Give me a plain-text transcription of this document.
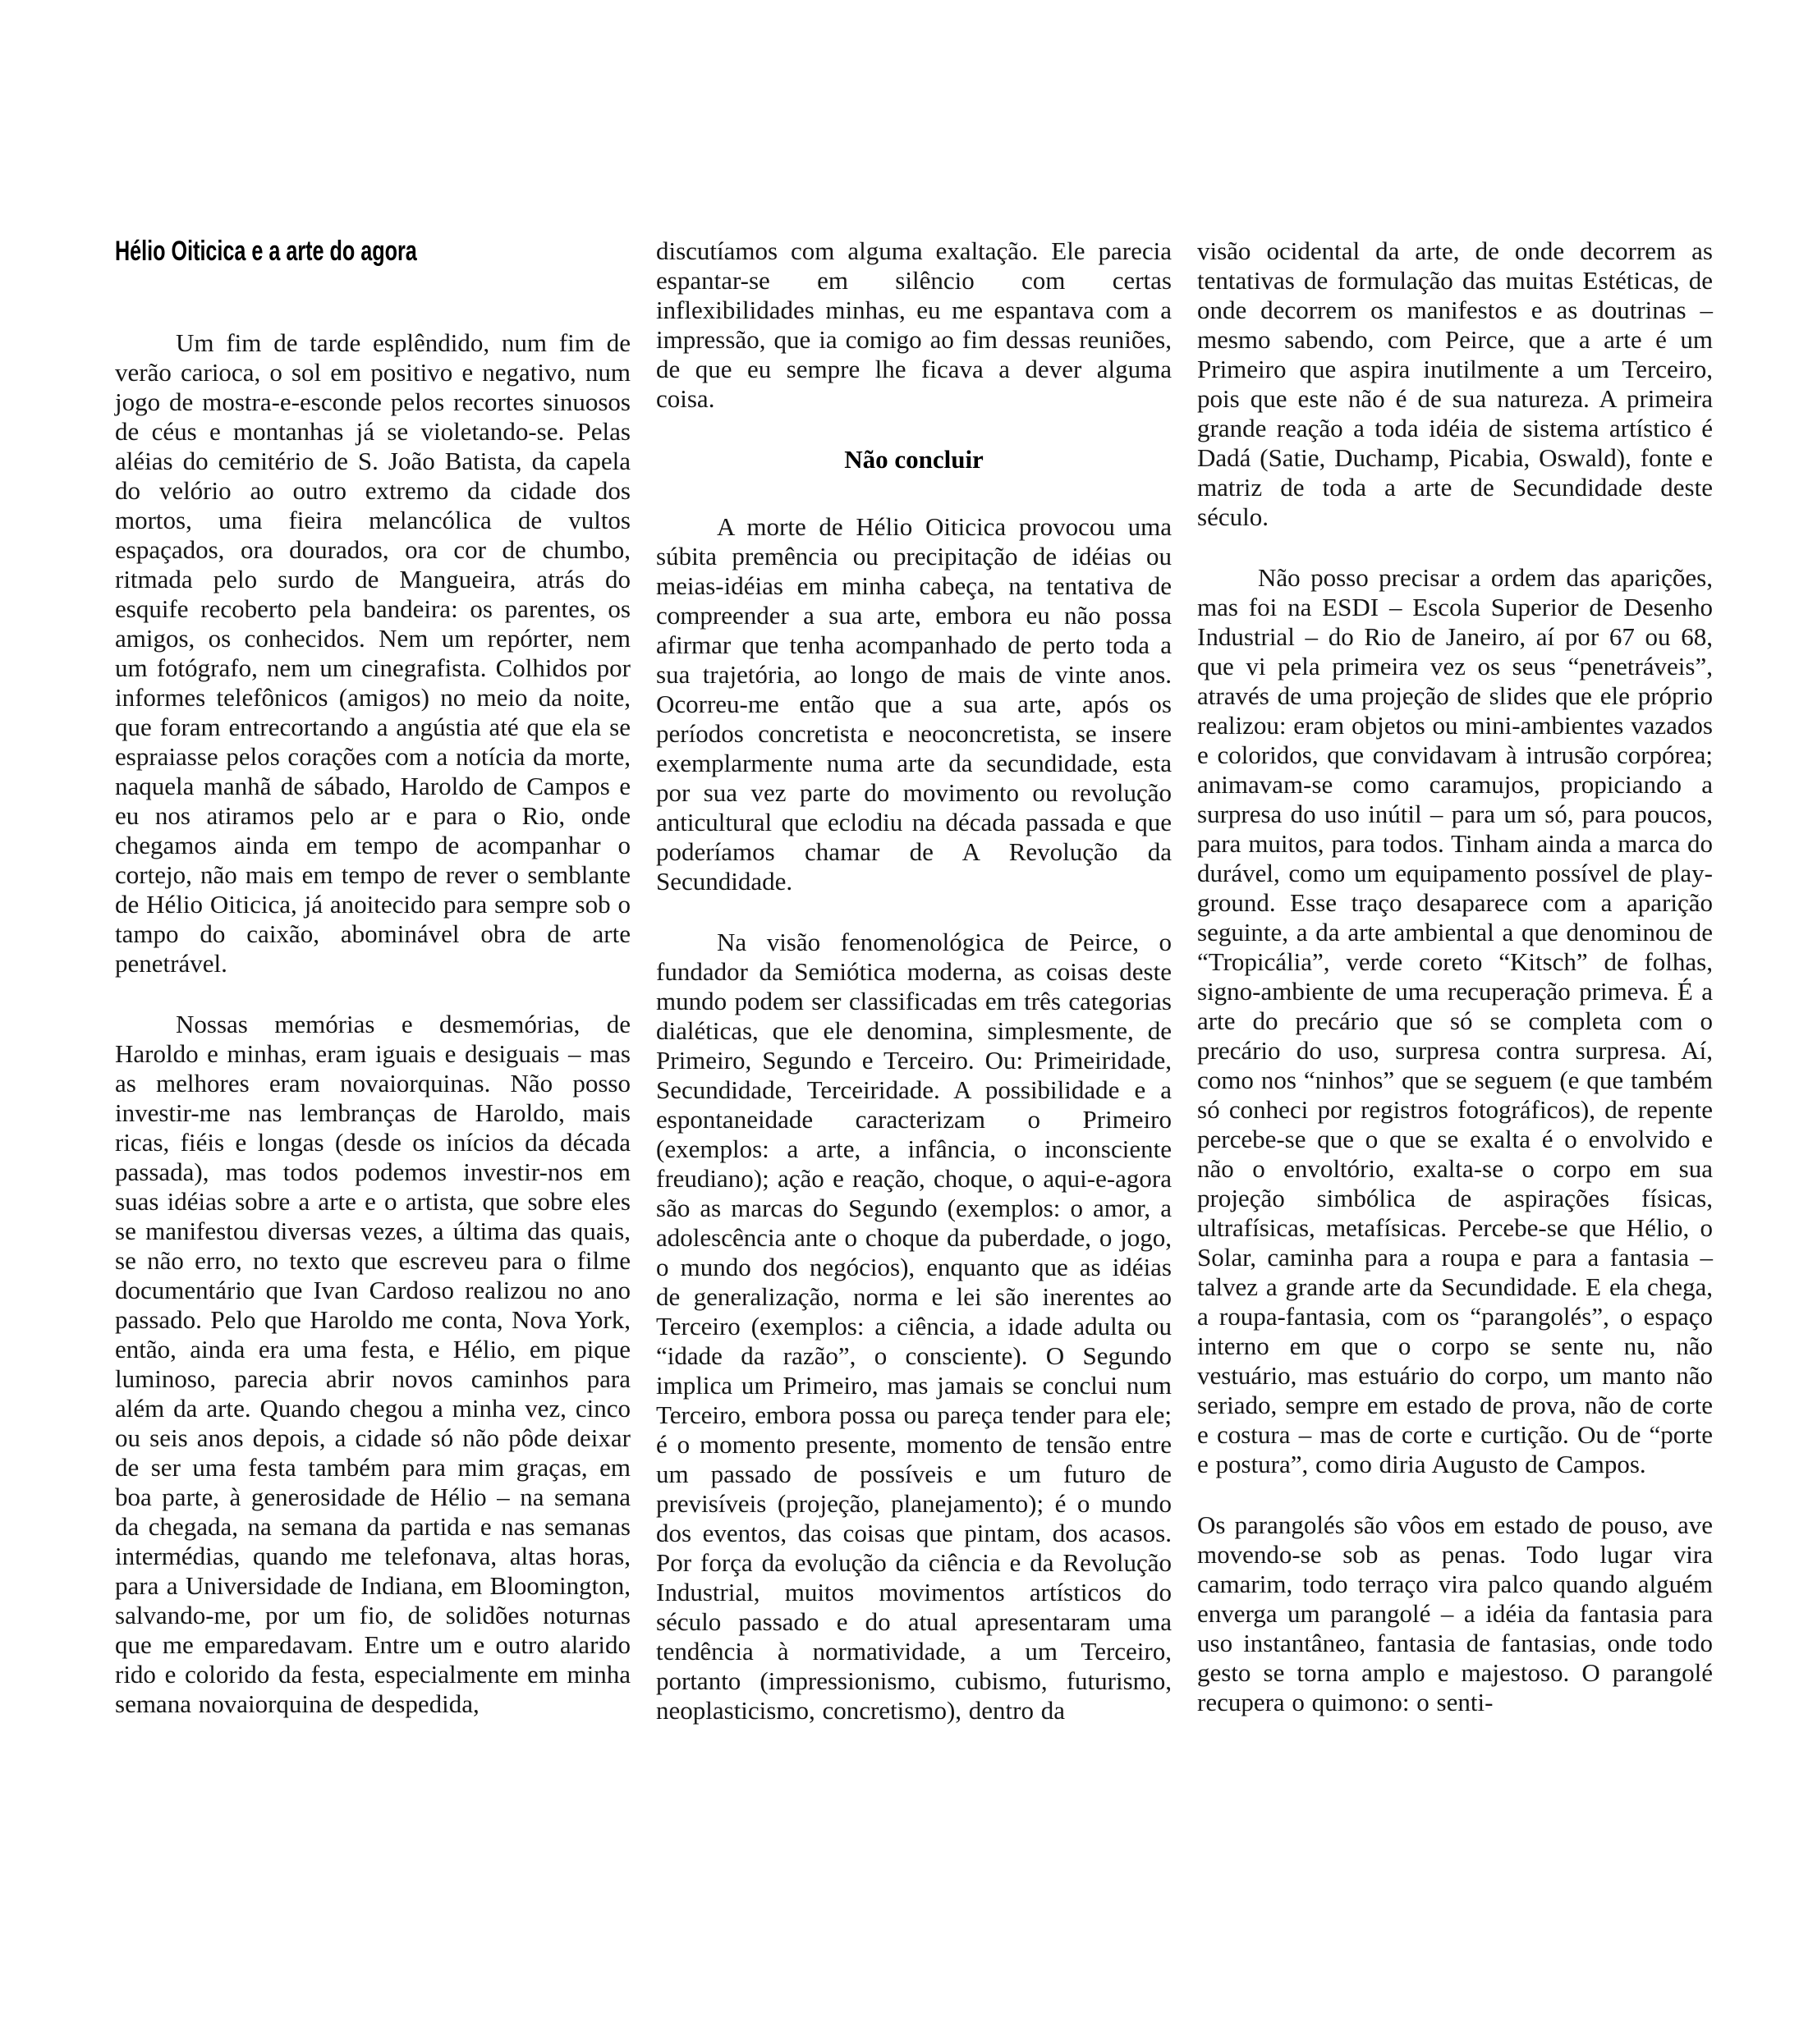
Hélio Oiticica e a arte do agora

Um fim de tarde esplêndido, num fim de verão carioca, o sol em positivo e negativo, num jogo de mostra-e-esconde pelos recortes sinuosos de céus e montanhas já se violetando-se. Pelas aléias do cemitério de S. João Batista, da capela do velório ao outro extremo da cidade dos mortos, uma fieira melancólica de vultos espaçados, ora dourados, ora cor de chumbo, ritmada pelo surdo de Mangueira, atrás do esquife recoberto pela bandeira: os parentes, os amigos, os conhecidos. Nem um repórter, nem um fotógrafo, nem um cinegrafista. Colhidos por informes telefônicos (amigos) no meio da noite, que foram entrecortando a angústia até que ela se espraiasse pelos corações com a notícia da morte, naquela manhã de sábado, Haroldo de Campos e eu nos atiramos pelo ar e para o Rio, onde chegamos ainda em tempo de acompanhar o cortejo, não mais em tempo de rever o semblante de Hélio Oiticica, já anoitecido para sempre sob o tampo do caixão, abominável obra de arte penetrável.

Nossas memórias e desmemórias, de Haroldo e minhas, eram iguais e desiguais – mas as melhores eram novaiorquinas. Não posso investir-me nas lembranças de Haroldo, mais ricas, fiéis e longas (desde os inícios da década passada), mas todos podemos investir-nos em suas idéias sobre a arte e o artista, que sobre eles se manifestou diversas vezes, a última das quais, se não erro, no texto que escreveu para o filme documentário que Ivan Cardoso realizou no ano passado. Pelo que Haroldo me conta, Nova York, então, ainda era uma festa, e Hélio, em pique luminoso, parecia abrir novos caminhos para além da arte. Quando chegou a minha vez, cinco ou seis anos depois, a cidade só não pôde deixar de ser uma festa também para mim graças, em boa parte, à generosidade de Hélio – na semana da chegada, na semana da partida e nas semanas intermédias, quando me telefonava, altas horas, para a Universidade de Indiana, em Bloomington, salvando-me, por um fio, de solidões noturnas que me emparedavam. Entre um e outro alarido rido e colorido da festa, especialmente em minha semana novaiorquina de despedida,

discutíamos com alguma exaltação. Ele parecia espantar-se em silêncio com certas inflexibilidades minhas, eu me espantava com a impressão, que ia comigo ao fim dessas reuniões, de que eu sempre lhe ficava a dever alguma coisa.

Não concluir

A morte de Hélio Oiticica provocou uma súbita premência ou precipitação de idéias ou meias-idéias em minha cabeça, na tentativa de compreender a sua arte, embora eu não possa afirmar que tenha acompanhado de perto toda a sua trajetória, ao longo de mais de vinte anos. Ocorreu-me então que a sua arte, após os períodos concretista e neoconcretista, se insere exemplarmente numa arte da secundidade, esta por sua vez parte do movimento ou revolução anticultural que eclodiu na década passada e que poderíamos chamar de A Revolução da Secundidade.

Na visão fenomenológica de Peirce, o fundador da Semiótica moderna, as coisas deste mundo podem ser classificadas em três categorias dialéticas, que ele denomina, simplesmente, de Primeiro, Segundo e Terceiro. Ou: Primeiridade, Secundidade, Terceiridade. A possibilidade e a espontaneidade caracterizam o Primeiro (exemplos: a arte, a infância, o inconsciente freudiano); ação e reação, choque, o aqui-e-agora são as marcas do Segundo (exemplos: o amor, a adolescência ante o choque da puberdade, o jogo, o mundo dos negócios), enquanto que as idéias de generalização, norma e lei são inerentes ao Terceiro (exemplos: a ciência, a idade adulta ou “idade da razão”, o consciente). O Segundo implica um Primeiro, mas jamais se conclui num Terceiro, embora possa ou pareça tender para ele; é o momento presente, momento de tensão entre um passado de possíveis e um futuro de previsíveis (projeção, planejamento); é o mundo dos eventos, das coisas que pintam, dos acasos. Por força da evolução da ciência e da Revolução Industrial, muitos movimentos artísticos do século passado e do atual apresentaram uma tendência à normatividade, a um Terceiro, portanto (impressionismo, cubismo, futurismo, neoplasticismo, concretismo), dentro da

visão ocidental da arte, de onde decorrem as tentativas de formulação das muitas Estéticas, de onde decorrem os manifestos e as doutrinas – mesmo sabendo, com Peirce, que a arte é um Primeiro que aspira inutilmente a um Terceiro, pois que este não é de sua natureza. A primeira grande reação a toda idéia de sistema artístico é Dadá (Satie, Duchamp, Picabia, Oswald), fonte e matriz de toda a arte de Secundidade deste século.

Não posso precisar a ordem das aparições, mas foi na ESDI – Escola Superior de Desenho Industrial – do Rio de Janeiro, aí por 67 ou 68, que vi pela primeira vez os seus “penetráveis”, através de uma projeção de slides que ele próprio realizou: eram objetos ou mini-ambientes vazados e coloridos, que convidavam à intrusão corpórea; animavam-se como caramujos, propiciando a surpresa do uso inútil – para um só, para poucos, para muitos, para todos. Tinham ainda a marca do durável, como um equipamento possível de play-ground. Esse traço desaparece com a aparição seguinte, a da arte ambiental a que denominou de “Tropicália”, verde coreto “Kitsch” de folhas, signo-ambiente de uma recuperação primeva. É a arte do precário que só se completa com o precário do uso, surpresa contra surpresa. Aí, como nos “ninhos” que se seguem (e que também só conheci por registros fotográficos), de repente percebe-se que o que se exalta é o envolvido e não o envoltório, exalta-se o corpo em sua projeção simbólica de aspirações físicas, ultrafísicas, metafísicas. Percebe-se que Hélio, o Solar, caminha para a roupa e para a fantasia – talvez a grande arte da Secundidade. E ela chega, a roupa-fantasia, com os “parangolés”, o espaço interno em que o corpo se sente nu, não vestuário, mas estuário do corpo, um manto não seriado, sempre em estado de prova, não de corte e costura – mas de corte e curtição. Ou de “porte e postura”, como diria Augusto de Campos.

Os parangolés são vôos em estado de pouso, ave movendo-se sob as penas. Todo lugar vira camarim, todo terraço vira palco quando alguém enverga um parangolé – a idéia da fantasia para uso instantâneo, fantasia de fantasias, onde todo gesto se torna amplo e majestoso. O parangolé recupera o quimono: o senti-
